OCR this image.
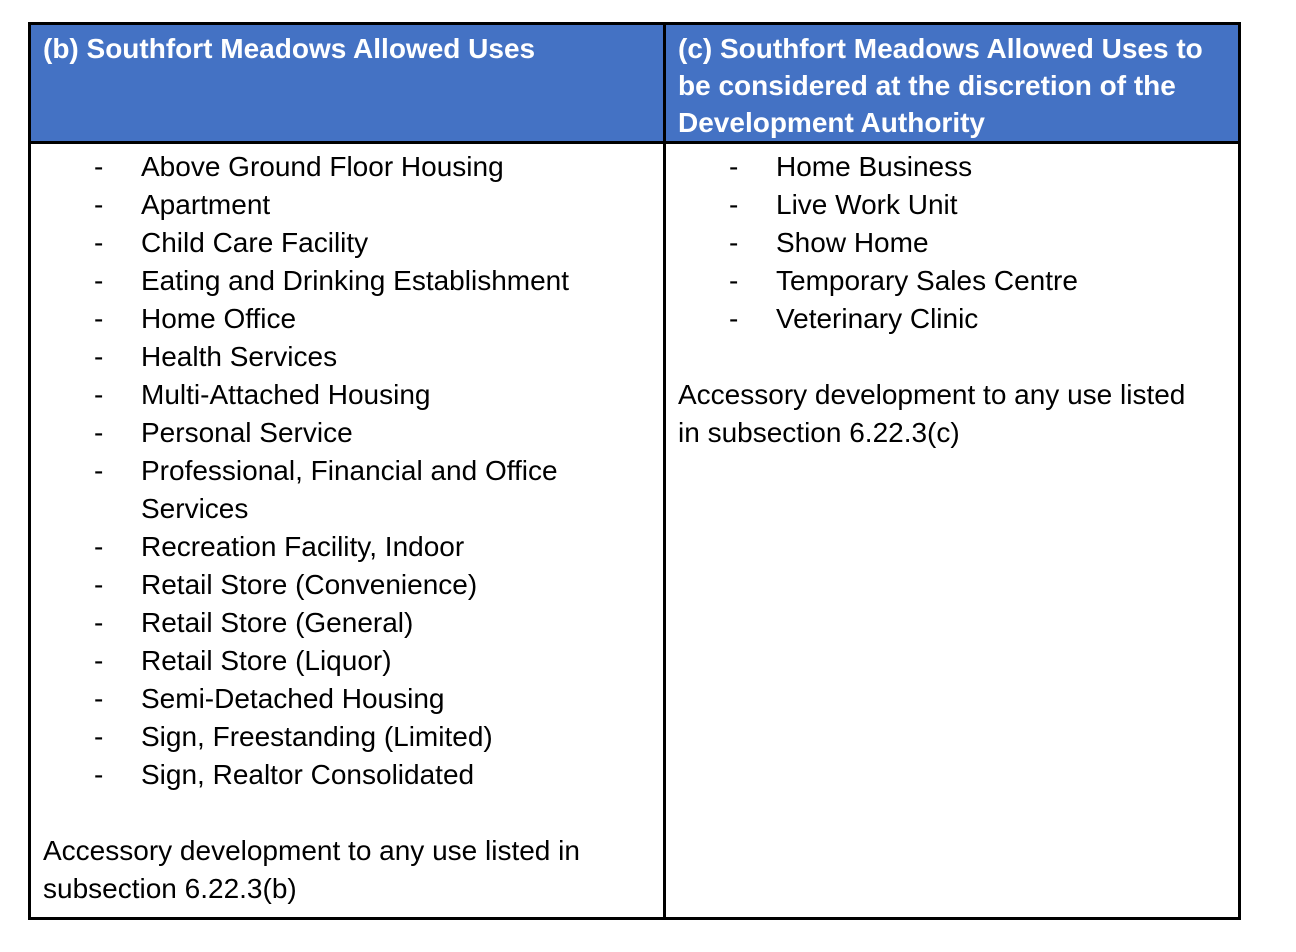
(b) Southfort Meadows Allowed Uses
- Above Ground Floor Housing
- Apartment
- Child Care Facility
- Eating and Drinking Establishment
- Home Office
- Health Services
- Multi-Attached Housing
- Personal Service
- Professional, Financial and Office Services
- Recreation Facility, Indoor
- Retail Store (Convenience)
- Retail Store (General)
- Retail Store (Liquor)
- Semi-Detached Housing
- Sign, Freestanding (Limited)
- Sign, Realtor Consolidated

Accessory development to any use listed in subsection 6.22.3(b)

(c) Southfort Meadows Allowed Uses to be considered at the discretion of the Development Authority
- Home Business
- Live Work Unit
- Show Home
- Temporary Sales Centre
- Veterinary Clinic

Accessory development to any use listed in subsection 6.22.3(c)
